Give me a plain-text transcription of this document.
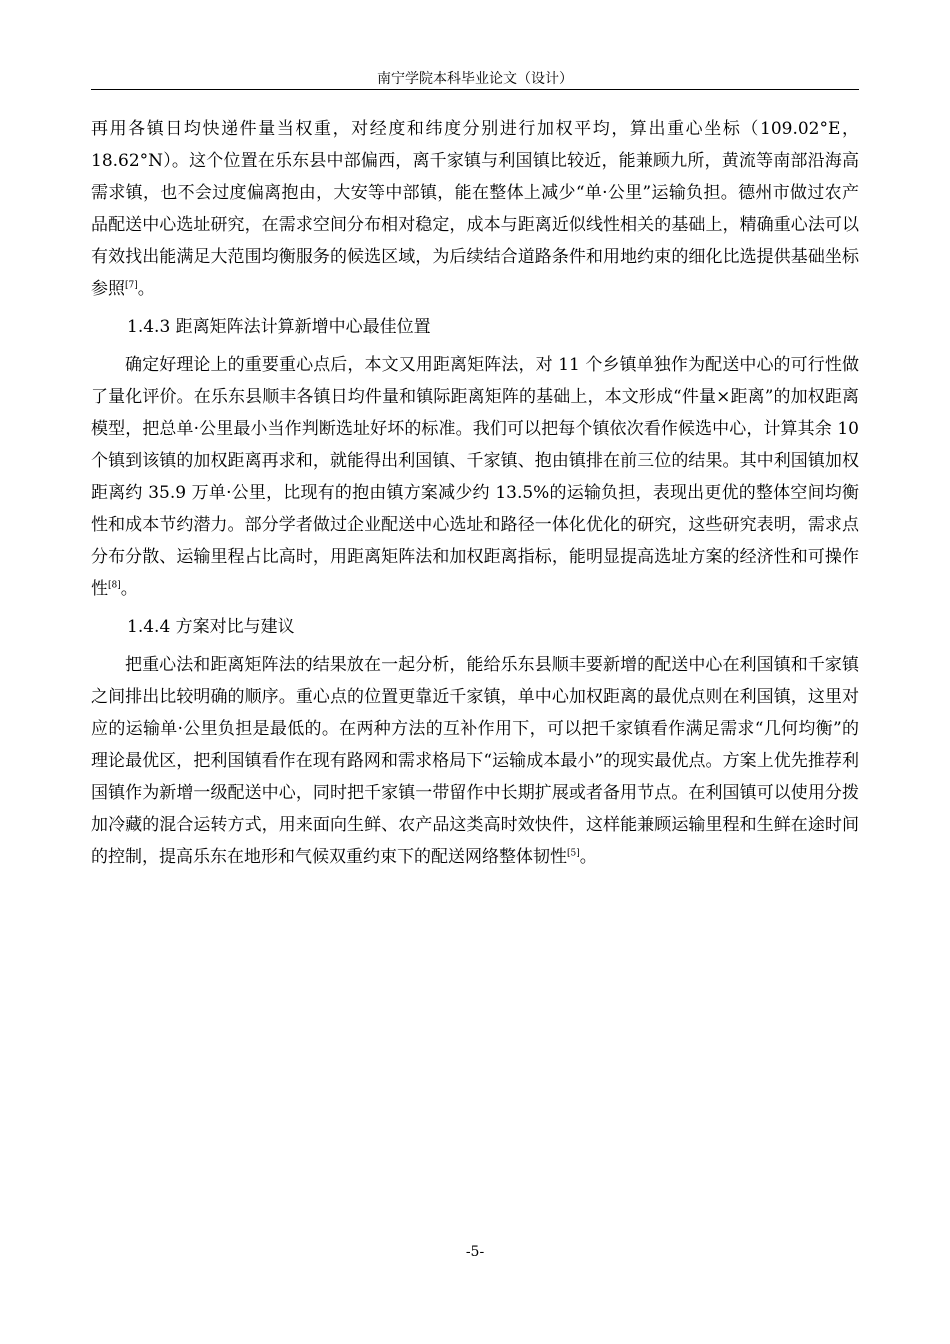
南宁学院本科毕业论文（设计）

再用各镇日均快递件量当权重，对经度和纬度分别进行加权平均，算出重心坐标（109.02°E，18.62°N）。这个位置在乐东县中部偏西，离千家镇与利国镇比较近，能兼顾九所，黄流等南部沿海高需求镇，也不会过度偏离抱由，大安等中部镇，能在整体上减少“单·公里”运输负担。德州市做过农产品配送中心选址研究，在需求空间分布相对稳定，成本与距离近似线性相关的基础上，精确重心法可以有效找出能满足大范围均衡服务的候选区域，为后续结合道路条件和用地约束的细化比选提供基础坐标参照[7]。

1.4.3 距离矩阵法计算新增中心最佳位置

确定好理论上的重要重心点后，本文又用距离矩阵法，对 11 个乡镇单独作为配送中心的可行性做了量化评价。在乐东县顺丰各镇日均件量和镇际距离矩阵的基础上，本文形成“件量×距离”的加权距离模型，把总单·公里最小当作判断选址好坏的标准。我们可以把每个镇依次看作候选中心，计算其余 10 个镇到该镇的加权距离再求和，就能得出利国镇、千家镇、抱由镇排在前三位的结果。其中利国镇加权距离约 35.9 万单·公里，比现有的抱由镇方案减少约 13.5%的运输负担，表现出更优的整体空间均衡性和成本节约潜力。部分学者做过企业配送中心选址和路径一体化优化的研究，这些研究表明，需求点分布分散、运输里程占比高时，用距离矩阵法和加权距离指标，能明显提高选址方案的经济性和可操作性[8]。

1.4.4 方案对比与建议

把重心法和距离矩阵法的结果放在一起分析，能给乐东县顺丰要新增的配送中心在利国镇和千家镇之间排出比较明确的顺序。重心点的位置更靠近千家镇，单中心加权距离的最优点则在利国镇，这里对应的运输单·公里负担是最低的。在两种方法的互补作用下，可以把千家镇看作满足需求“几何均衡”的理论最优区，把利国镇看作在现有路网和需求格局下“运输成本最小”的现实最优点。方案上优先推荐利国镇作为新增一级配送中心，同时把千家镇一带留作中长期扩展或者备用节点。在利国镇可以使用分拨加冷藏的混合运转方式，用来面向生鲜、农产品这类高时效快件，这样能兼顾运输里程和生鲜在途时间的控制，提高乐东在地形和气候双重约束下的配送网络整体韧性[5]。

-5-
